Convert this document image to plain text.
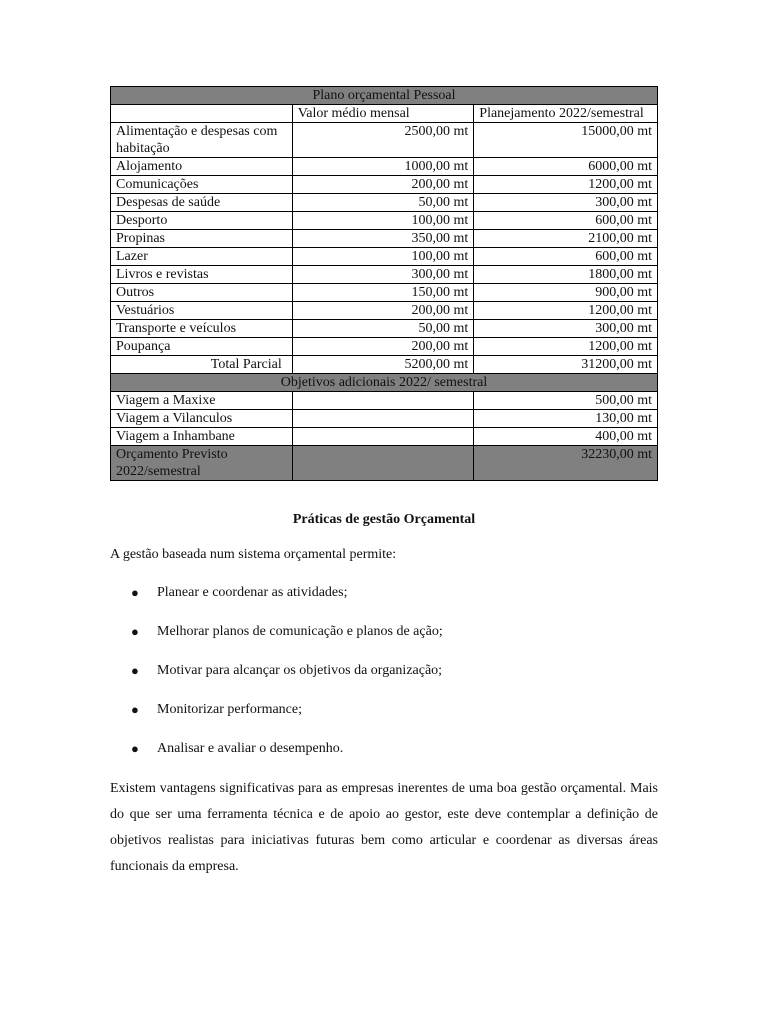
Plano orçamental Pessoal		
	Valor médio mensal	Planejamento 2022/semestral
Alimentação e despesas com habitação	2500,00 mt	15000,00 mt
Alojamento	1000,00 mt	6000,00 mt
Comunicações	200,00 mt	1200,00 mt
Despesas de saúde	50,00 mt	300,00 mt
Desporto	100,00 mt	600,00 mt
Propinas	350,00 mt	2100,00 mt
Lazer	100,00 mt	600,00 mt
Livros e revistas	300,00 mt	1800,00 mt
Outros	150,00 mt	900,00 mt
Vestuários	200,00 mt	1200,00 mt
Transporte e veículos	50,00 mt	300,00 mt
Poupança	200,00 mt	1200,00 mt
Total Parcial	5200,00 mt	31200,00 mt
Objetivos adicionais 2022/ semestral		
Viagem a Maxixe		500,00 mt
Viagem a Vilanculos		130,00 mt
Viagem a Inhambane		400,00 mt
Orçamento Previsto 2022/semestral		32230,00 mt
Práticas de gestão Orçamental

A gestão baseada num sistema orçamental permite:

● Planear e coordenar as atividades;
● Melhorar planos de comunicação e planos de ação;
● Motivar para alcançar os objetivos da organização;
● Monitorizar performance;
● Analisar e avaliar o desempenho.

Existem vantagens significativas para as empresas inerentes de uma boa gestão orçamental. Mais do que ser uma ferramenta técnica e de apoio ao gestor, este deve contemplar a definição de objetivos realistas para iniciativas futuras bem como articular e coordenar as diversas áreas funcionais da empresa.
